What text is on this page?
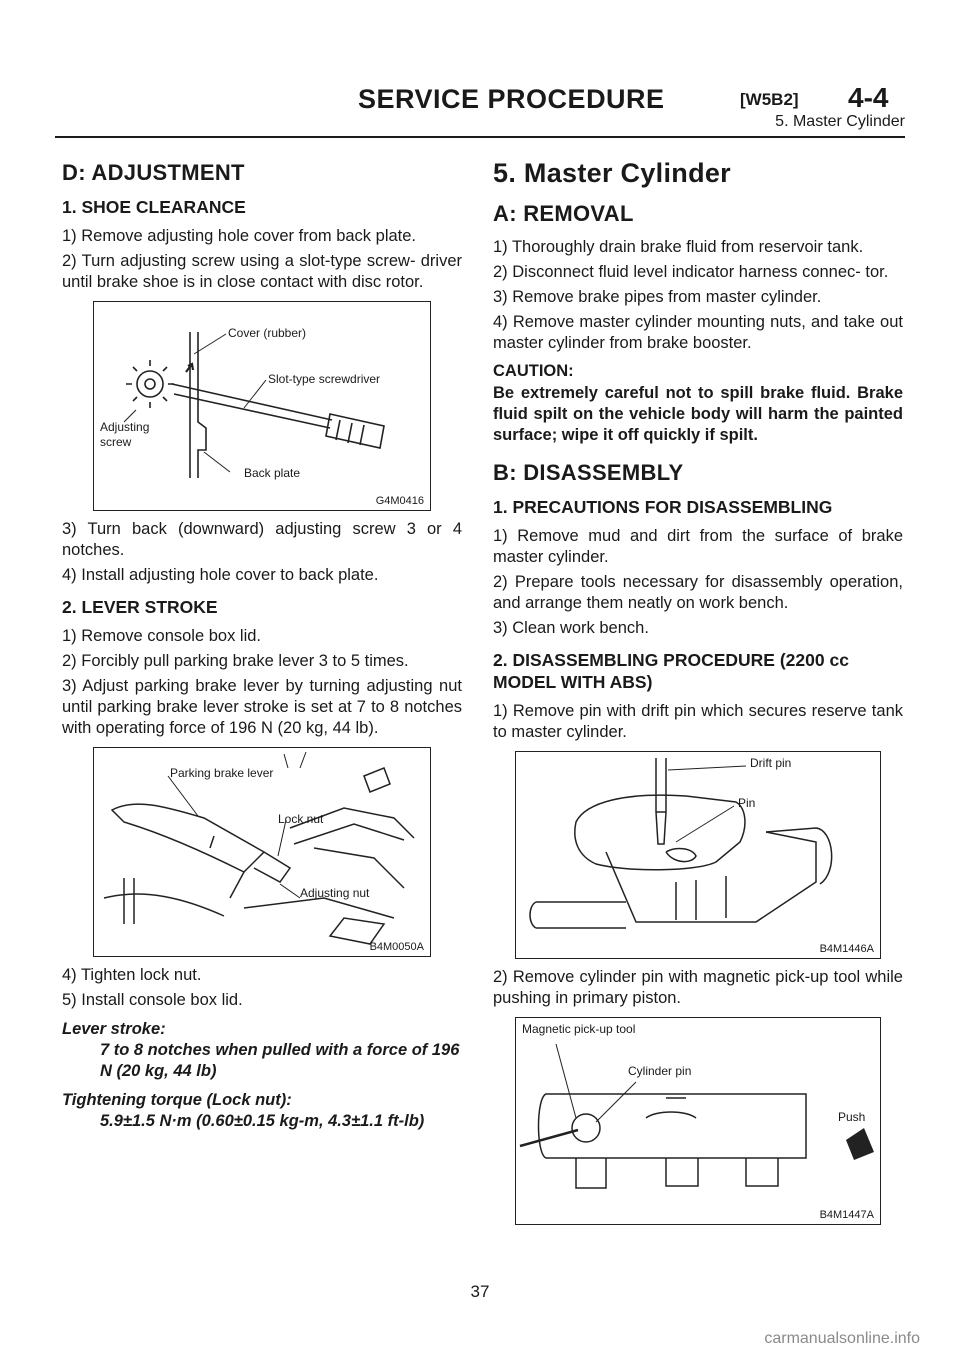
SERVICE PROCEDURE	[W5B2] 4-4
5. Master Cylinder
D: ADJUSTMENT
1. SHOE CLEARANCE

1) Remove adjusting hole cover from back plate.

2) Turn adjusting screw using a slot-type screw- driver until brake shoe is in close contact with disc rotor.

Cover (rubber)
Slot-type screwdriver
Adjusting
screw
Back plate
G4M0416

3) Turn back (downward) adjusting screw 3 or 4 notches.

4) Install adjusting hole cover to back plate.

2. LEVER STROKE

1) Remove console box lid.

2) Forcibly pull parking brake lever 3 to 5 times.

3) Adjust parking brake lever by turning adjusting nut until parking brake lever stroke is set at 7 to 8 notches with operating force of 196 N (20 kg, 44 lb).

Parking brake lever
Lock nut
Adjusting nut
B4M0050A

4) Tighten lock nut.

5) Install console box lid.

Lever stroke:
7 to 8 notches when pulled with a force of 196 N (20 kg, 44 lb)
Tightening torque (Lock nut):
5.9±1.5 N·m (0.60±0.15 kg-m, 4.3±1.1 ft-lb)
5. Master Cylinder
A: REMOVAL

1) Thoroughly drain brake fluid from reservoir tank.

2) Disconnect fluid level indicator harness connec- tor.

3) Remove brake pipes from master cylinder.

4) Remove master cylinder mounting nuts, and take out master cylinder from brake booster.

CAUTION:

Be extremely careful not to spill brake fluid. Brake fluid spilt on the vehicle body will harm the painted surface; wipe it off quickly if spilt.

B: DISASSEMBLY
1. PRECAUTIONS FOR DISASSEMBLING

1) Remove mud and dirt from the surface of brake master cylinder.

2) Prepare tools necessary for disassembly operation, and arrange them neatly on work bench.

3) Clean work bench.

2. DISASSEMBLING PROCEDURE (2200 cc MODEL WITH ABS)

1) Remove pin with drift pin which secures reserve tank to master cylinder.

Drift pin
Pin
B4M1446A

2) Remove cylinder pin with magnetic pick-up tool while pushing in primary piston.

Magnetic pick-up tool
Cylinder pin
Push
B4M1447A
37
carmanualsonline.info
